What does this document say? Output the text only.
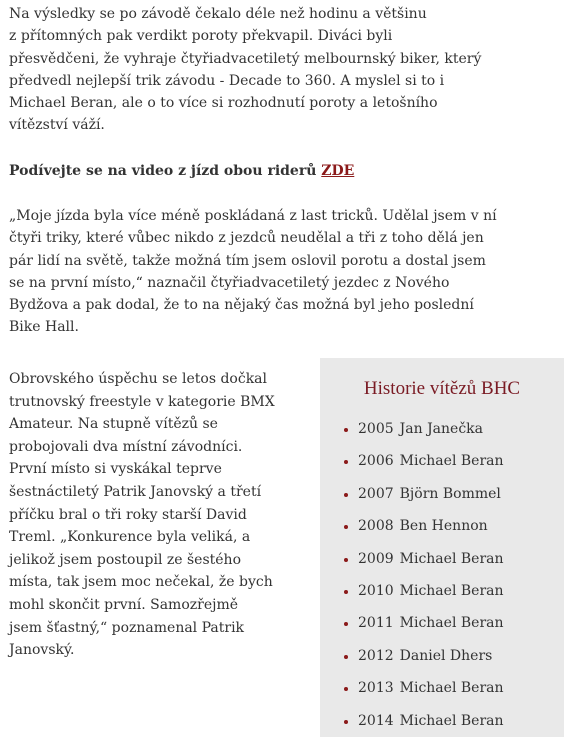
Na výsledky se po závodě čekalo déle než hodinu a většinu
z přítomných pak verdikt poroty překvapil. Diváci byli
přesvědčeni, že vyhraje čtyřiadvacetiletý melbournský biker, který
předvedl nejlepší trik závodu - Decade to 360. A myslel si to i
Michael Beran, ale o to více si rozhodnutí poroty a letošního
vítězství váží.

Podívejte se na video z jízd obou riderů ZDE

„Moje jízda byla více méně poskládaná z last tricků. Udělal jsem v ní
čtyři triky, které vůbec nikdo z jezdců neudělal a tři z toho dělá jen
pár lidí na světě, takže možná tím jsem oslovil porotu a dostal jsem
se na první místo,“ naznačil čtyřiadvacetiletý jezdec z Nového
Bydžova a pak dodal, že to na nějaký čas možná byl jeho poslední
Bike Hall.

Obrovského úspěchu se letos dočkal
trutnovský freestyle v kategorie BMX
Amateur. Na stupně vítězů se
probojovali dva místní závodníci.
První místo si vyskákal teprve
šestnáctiletý Patrik Janovský a třetí
příčku bral o tři roky starší David
Treml. „Konkurence byla veliká, a
jelikož jsem postoupil ze šestého
místa, tak jsem moc nečekal, že bych
mohl skončit první. Samozřejmě
jsem šťastný,“ poznamenal Patrik
Janovský.

Historie vítězů BHC
2005 Jan Janečka
2006 Michael Beran
2007 Björn Bommel
2008 Ben Hennon
2009 Michael Beran
2010 Michael Beran
2011 Michael Beran
2012 Daniel Dhers
2013 Michael Beran
2014 Michael Beran
